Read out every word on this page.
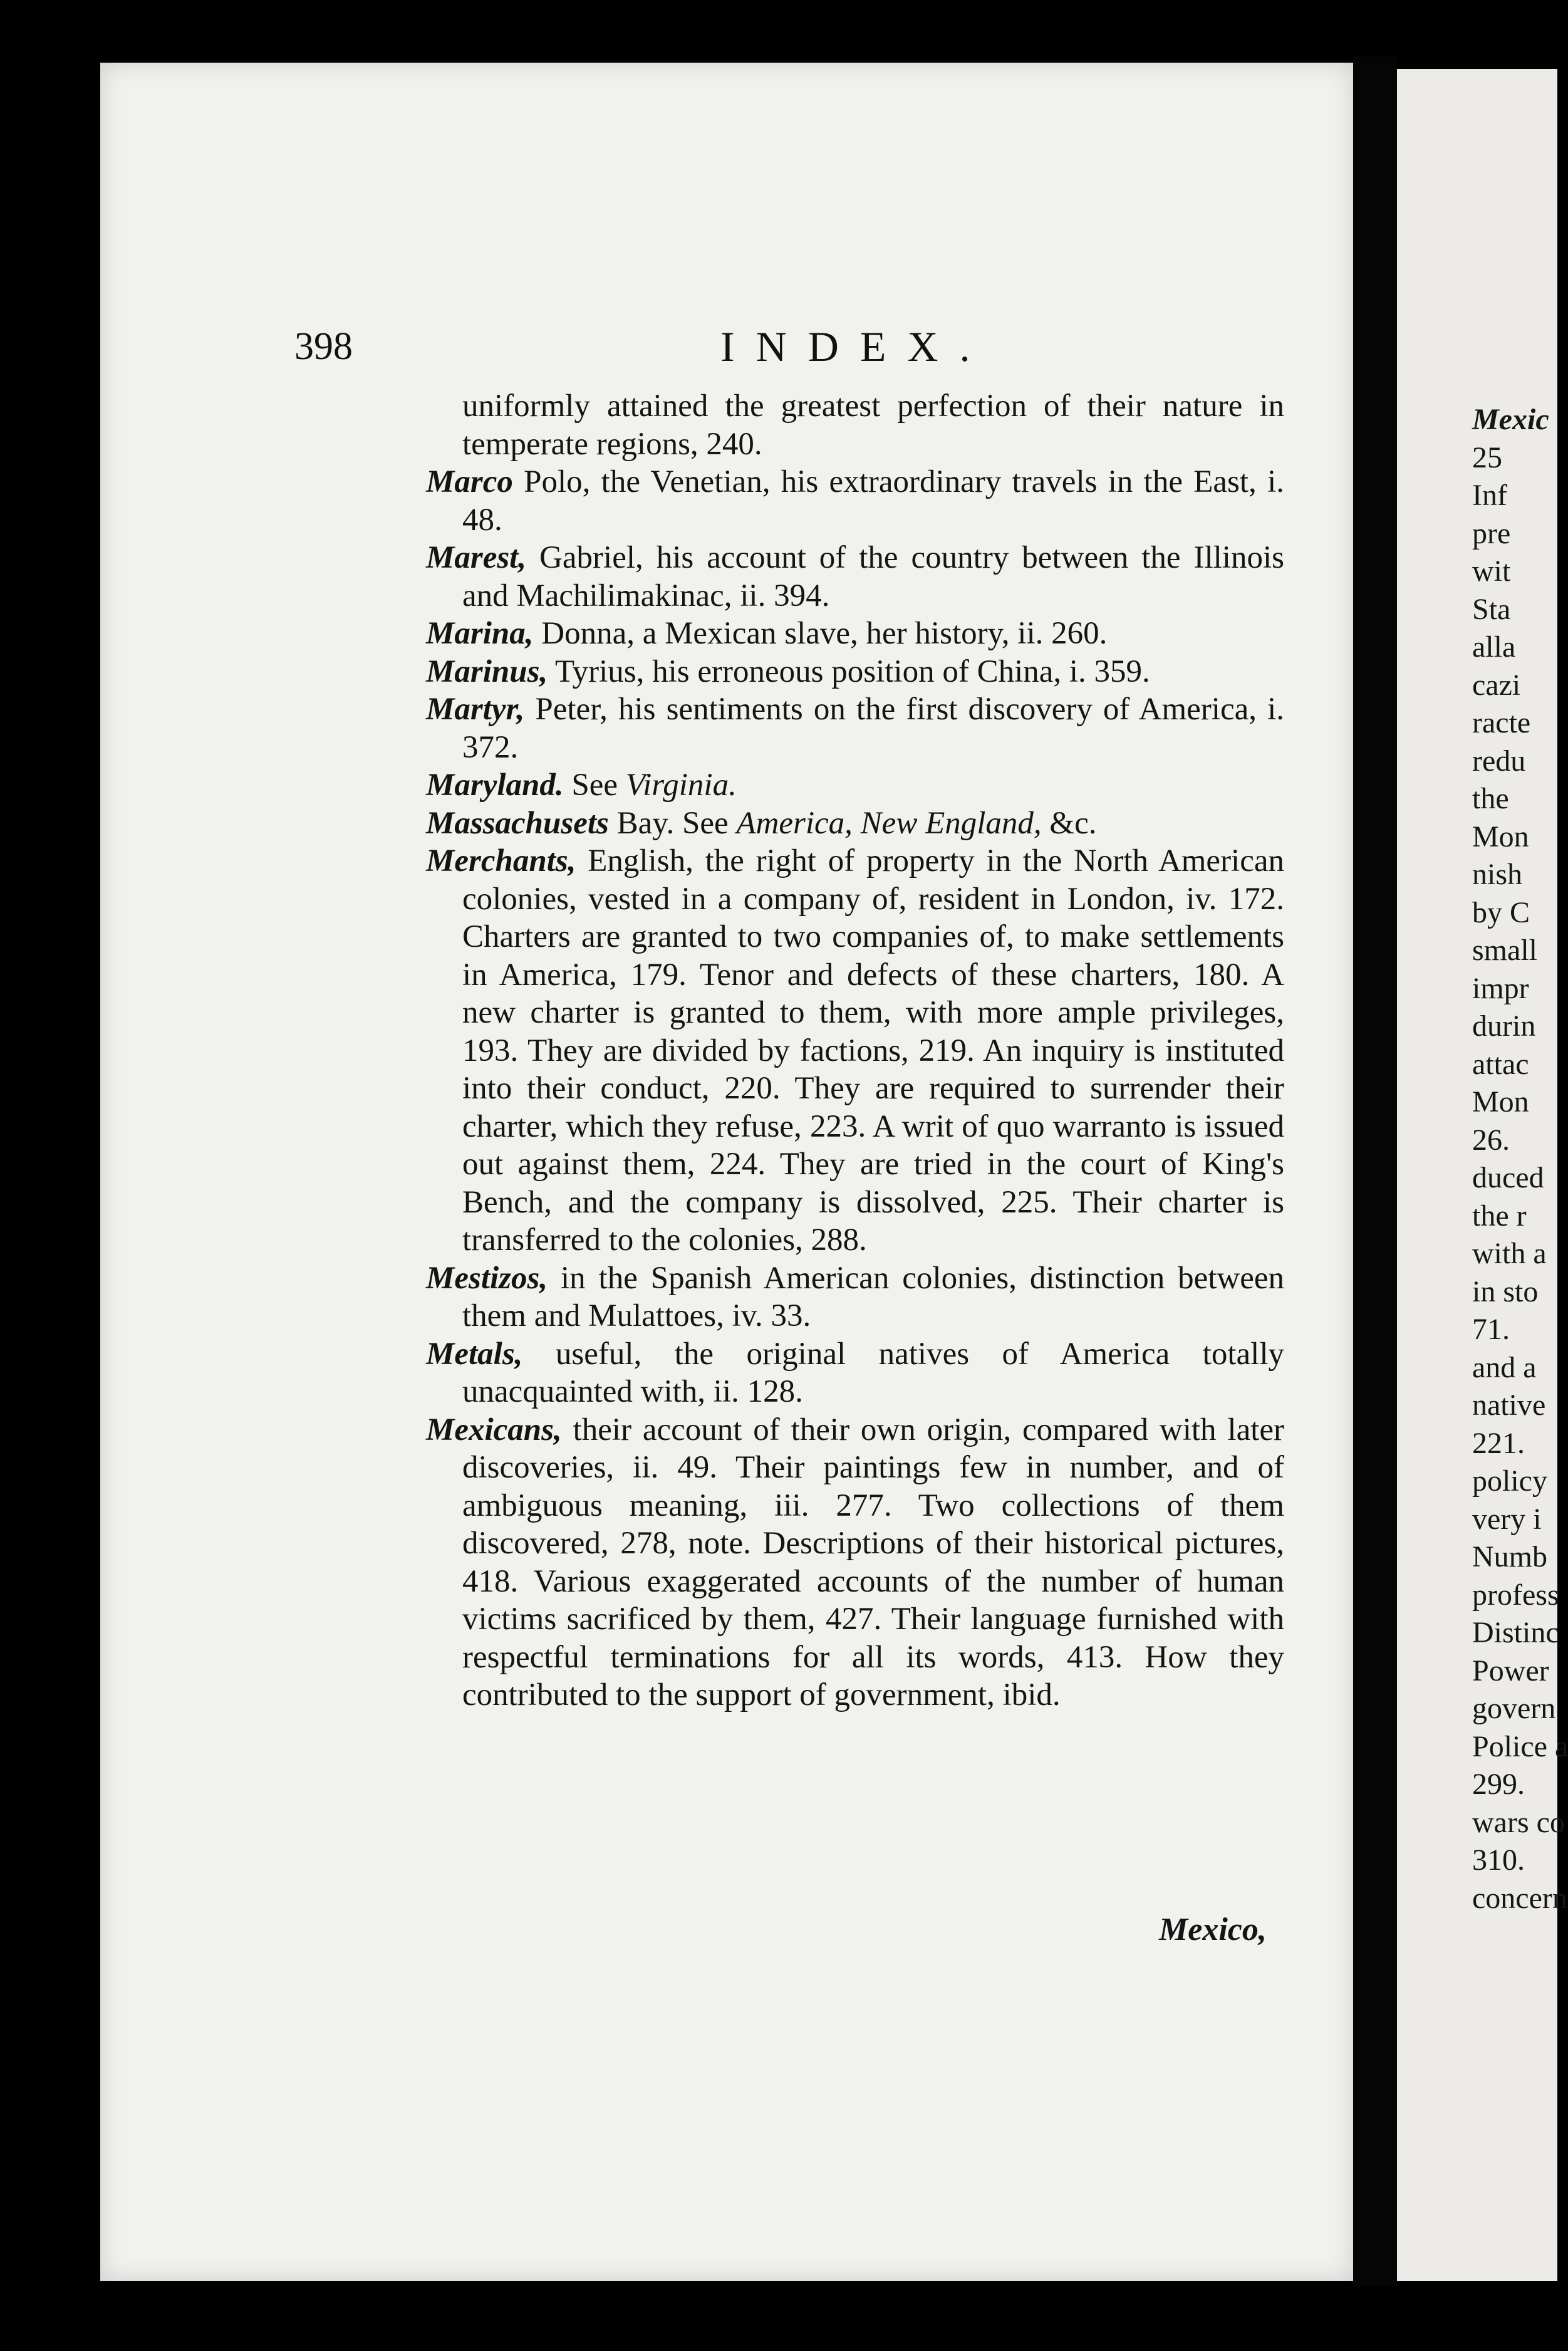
398	INDEX.

uniformly attained the greatest perfection of their nature in temperate regions, 240.

Marco Polo, the Venetian, his extraordinary travels in the East, i. 48.

Marest, Gabriel, his account of the country between the Illinois and Machilimakinac, ii. 394.

Marina, Donna, a Mexican slave, her history, ii. 260.

Marinus, Tyrius, his erroneous position of China, i. 359.

Martyr, Peter, his sentiments on the first discovery of America, i. 372.

Maryland. See Virginia.

Massachusets Bay. See America, New England, &c.

Merchants, English, the right of property in the North American colonies, vested in a company of, resident in London, iv. 172. Charters are granted to two companies of, to make settlements in America, 179. Tenor and defects of these charters, 180. A new charter is granted to them, with more ample privileges, 193. They are divided by factions, 219. An inquiry is instituted into their conduct, 220. They are required to surrender their charter, which they refuse, 223. A writ of quo warranto is issued out against them, 224. They are tried in the court of King's Bench, and the company is dissolved, 225. Their charter is transferred to the colonies, 288.

Mestizos, in the Spanish American colonies, distinction between them and Mulattoes, iv. 33.

Metals, useful, the original natives of America totally unacquainted with, ii. 128.

Mexicans, their account of their own origin, compared with later discoveries, ii. 49. Their paintings few in number, and of ambiguous meaning, iii. 277. Two collections of them discovered, 278, note. Descriptions of their historical pictures, 418. Various exaggerated accounts of the number of human victims sacrificed by them, 427. Their language furnished with respectful terminations for all its words, 413. How they contributed to the support of government, ibid.

Mexico,
Mexic
25
Inf
pre
wit
Sta
alla
cazi
racte
redu
the
Mon
nish
by C
small
impr
durin
attac
Mon
26.
duced
the r
with a
in sto
71.
and a
native
221.
policy
very i
Numb
profess
Distinc
Power
govern
Police a
299.
wars co
310.
concern
